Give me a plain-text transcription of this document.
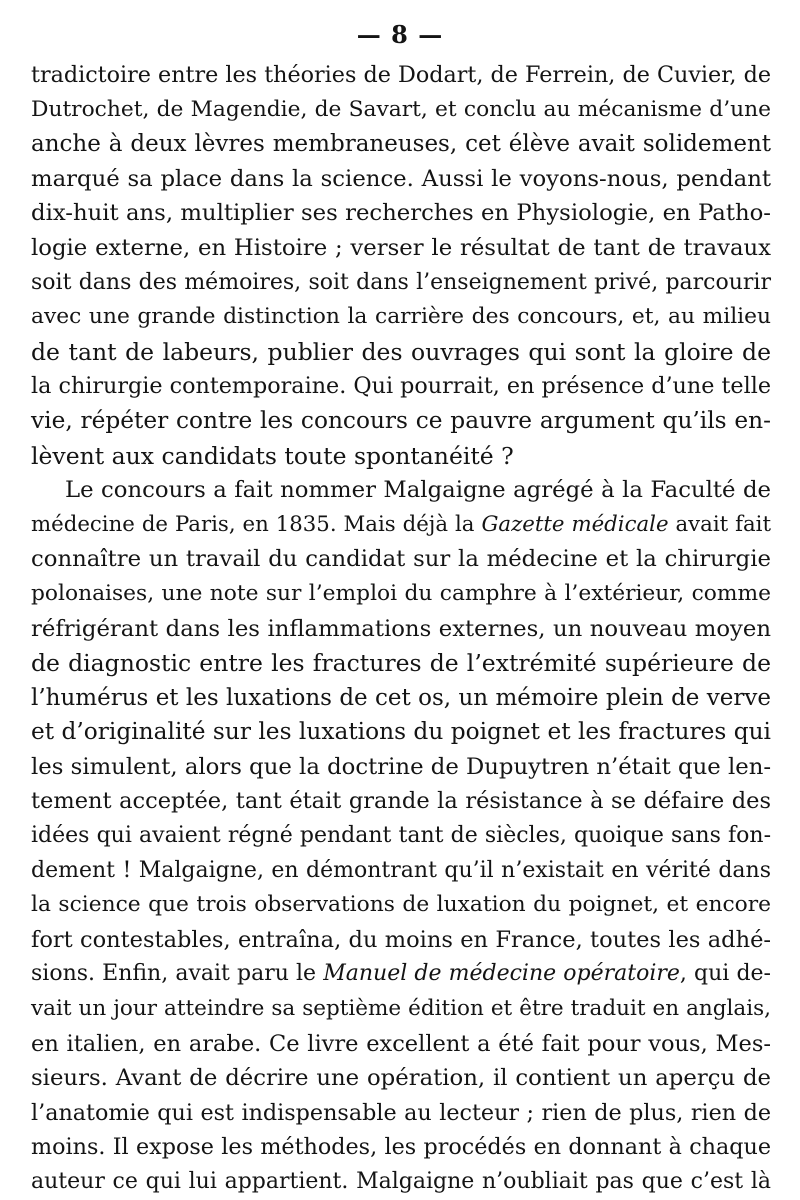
— 8 —
tradictoire entre les théories de Dodart, de Ferrein, de Cuvier, de
Dutrochet, de Magendie, de Savart, et conclu au mécanisme d’une
anche à deux lèvres membraneuses, cet élève avait solidement
marqué sa place dans la science. Aussi le voyons-nous, pendant
dix-huit ans, multiplier ses recherches en Physiologie, en Patho-
logie externe, en Histoire ; verser le résultat de tant de travaux
soit dans des mémoires, soit dans l’enseignement privé, parcourir
avec une grande distinction la carrière des concours, et, au milieu
de tant de labeurs, publier des ouvrages qui sont la gloire de
la chirurgie contemporaine. Qui pourrait, en présence d’une telle
vie, répéter contre les concours ce pauvre argument qu’ils en-
lèvent aux candidats toute spontanéité ?
Le concours a fait nommer Malgaigne agrégé à la Faculté de
médecine de Paris, en 1835. Mais déjà la Gazette médicale avait fait
connaître un travail du candidat sur la médecine et la chirurgie
polonaises, une note sur l’emploi du camphre à l’extérieur, comme
réfrigérant dans les inflammations externes, un nouveau moyen
de diagnostic entre les fractures de l’extrémité supérieure de
l’humérus et les luxations de cet os, un mémoire plein de verve
et d’originalité sur les luxations du poignet et les fractures qui
les simulent, alors que la doctrine de Dupuytren n’était que len-
tement acceptée, tant était grande la résistance à se défaire des
idées qui avaient régné pendant tant de siècles, quoique sans fon-
dement ! Malgaigne, en démontrant qu’il n’existait en vérité dans
la science que trois observations de luxation du poignet, et encore
fort contestables, entraîna, du moins en France, toutes les adhé-
sions. Enfin, avait paru le Manuel de médecine opératoire, qui de-
vait un jour atteindre sa septième édition et être traduit en anglais,
en italien, en arabe. Ce livre excellent a été fait pour vous, Mes-
sieurs. Avant de décrire une opération, il contient un aperçu de
l’anatomie qui est indispensable au lecteur ; rien de plus, rien de
moins. Il expose les méthodes, les procédés en donnant à chaque
auteur ce qui lui appartient. Malgaigne n’oubliait pas que c’est là
